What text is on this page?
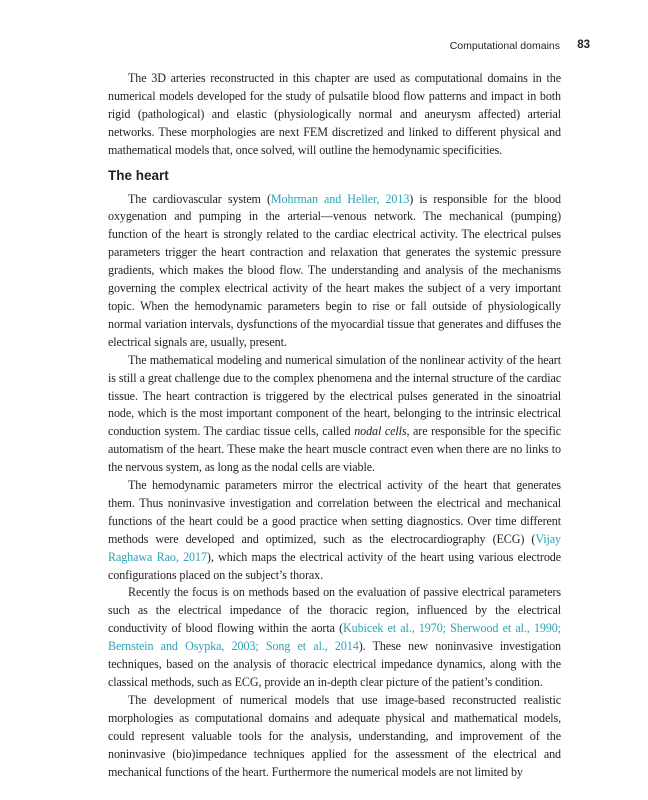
Computational domains 83

The 3D arteries reconstructed in this chapter are used as computational domains in the numerical models developed for the study of pulsatile blood flow patterns and impact in both rigid (pathological) and elastic (physiologically normal and aneurysm affected) arterial networks. These morphologies are next FEM discretized and linked to different physical and mathematical models that, once solved, will outline the hemodynamic specificities.

The heart

The cardiovascular system (Mohrman and Heller, 2013) is responsible for the blood oxygenation and pumping in the arterial—venous network. The mechanical (pumping) function of the heart is strongly related to the cardiac electrical activity. The electrical pulses parameters trigger the heart contraction and relaxation that generates the systemic pressure gradients, which makes the blood flow. The understanding and analysis of the mechanisms governing the complex electrical activity of the heart makes the subject of a very important topic. When the hemodynamic parameters begin to rise or fall outside of physiologically normal variation intervals, dysfunctions of the myocardial tissue that generates and diffuses the electrical signals are, usually, present.

The mathematical modeling and numerical simulation of the nonlinear activity of the heart is still a great challenge due to the complex phenomena and the internal structure of the cardiac tissue. The heart contraction is triggered by the electrical pulses generated in the sinoatrial node, which is the most important component of the heart, belonging to the intrinsic electrical conduction system. The cardiac tissue cells, called nodal cells, are responsible for the specific automatism of the heart. These make the heart muscle contract even when there are no links to the nervous system, as long as the nodal cells are viable.

The hemodynamic parameters mirror the electrical activity of the heart that generates them. Thus noninvasive investigation and correlation between the electrical and mechanical functions of the heart could be a good practice when setting diagnostics. Over time different methods were developed and optimized, such as the electrocardiography (ECG) (Vijay Raghawa Rao, 2017), which maps the electrical activity of the heart using various electrode configurations placed on the subject’s thorax.

Recently the focus is on methods based on the evaluation of passive electrical parameters such as the electrical impedance of the thoracic region, influenced by the electrical conductivity of blood flowing within the aorta (Kubicek et al., 1970; Sherwood et al., 1990; Bernstein and Osypka, 2003; Song et al., 2014). These new noninvasive investigation techniques, based on the analysis of thoracic electrical impedance dynamics, along with the classical methods, such as ECG, provide an in-depth clear picture of the patient’s condition.

The development of numerical models that use image-based reconstructed realistic morphologies as computational domains and adequate physical and mathematical models, could represent valuable tools for the analysis, understanding, and improvement of the noninvasive (bio)impedance techniques applied for the assessment of the electrical and mechanical functions of the heart. Furthermore the numerical models are not limited by
